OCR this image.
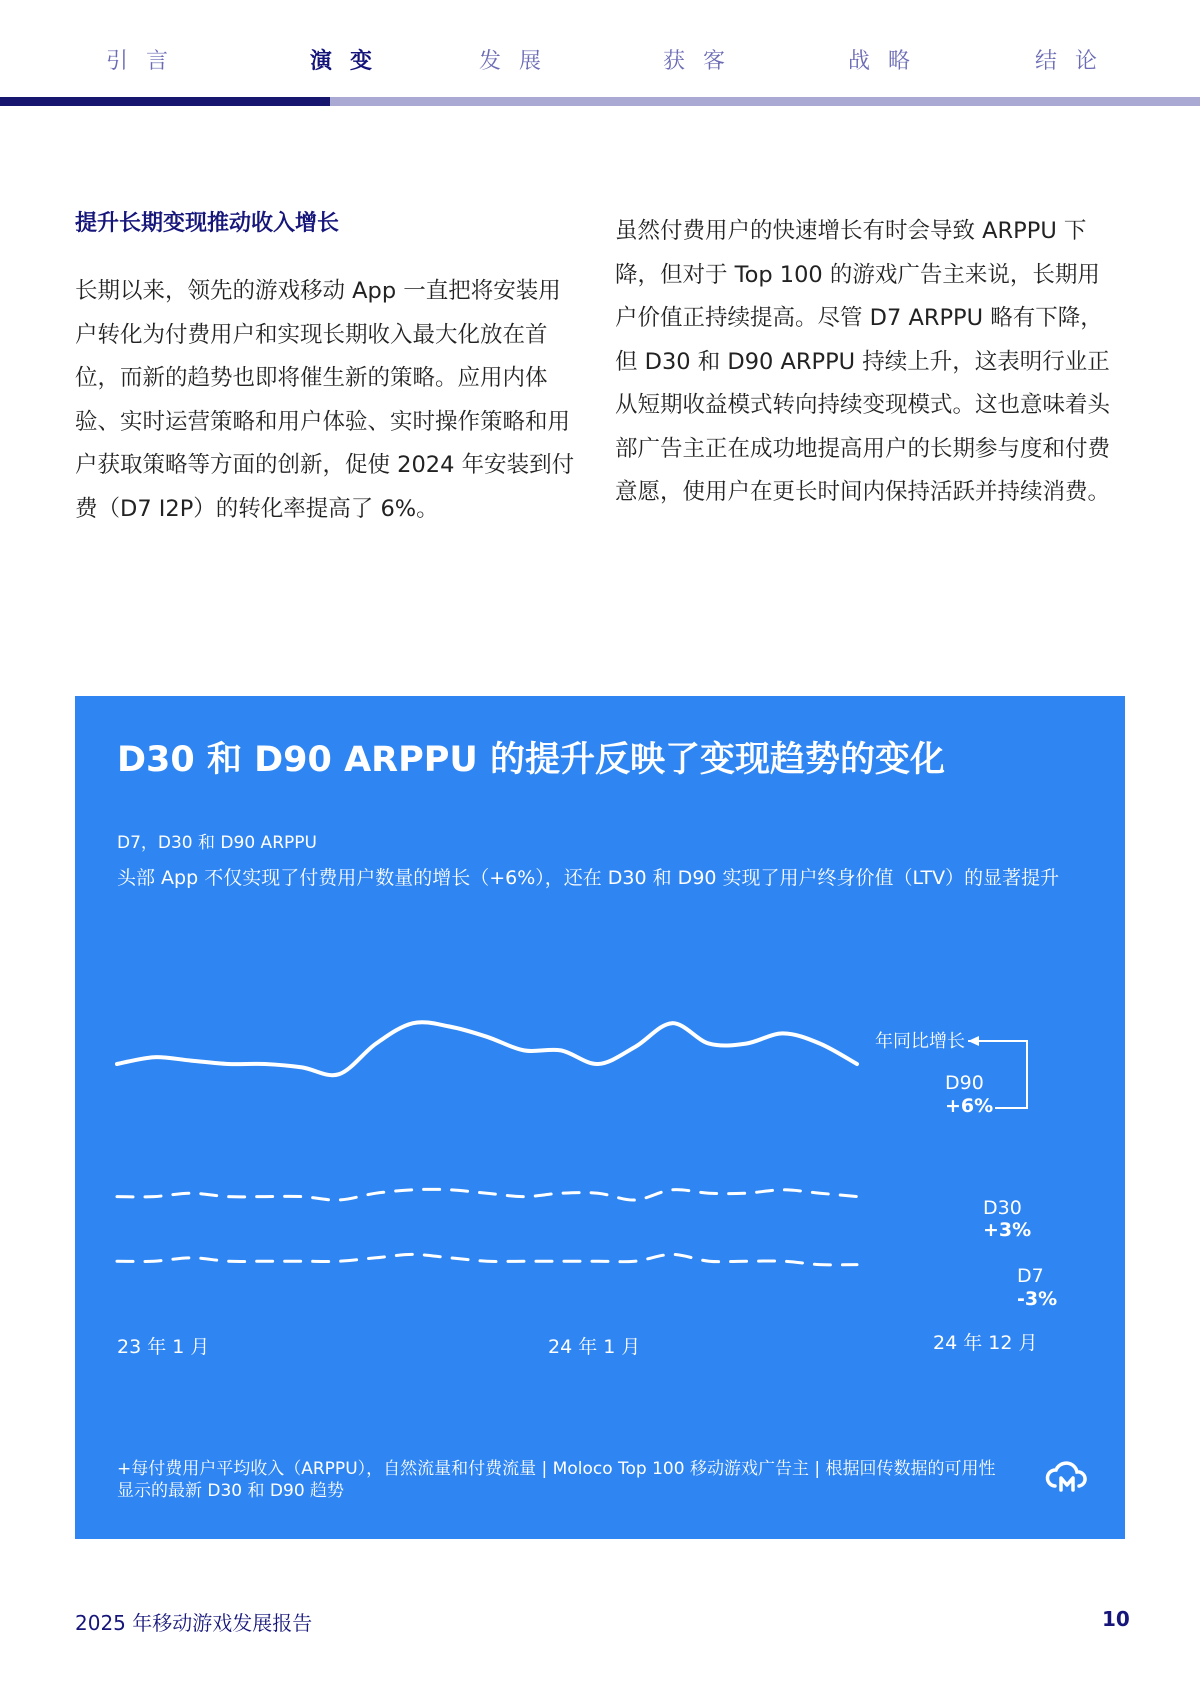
引言	演变	发展	获客	战略	结论
提升长期变现推动收入增长

长期以来，领先的游戏移动 App 一直把将安装用户转化为付费用户和实现长期收入最大化放在首位，而新的趋势也即将催生新的策略。应用内体验、实时运营策略和用户体验、实时操作策略和用户获取策略等方面的创新，促使 2024 年安装到付费（D7 I2P）的转化率提高了 6%。

虽然付费用户的快速增长有时会导致 ARPPU 下降，但对于 Top 100 的游戏广告主来说，长期用户价值正持续提高。尽管 D7 ARPPU 略有下降，但 D30 和 D90 ARPPU 持续上升，这表明行业正从短期收益模式转向持续变现模式。这也意味着头部广告主正在成功地提高用户的长期参与度和付费意愿，使用户在更长时间内保持活跃并持续消费。

D30 和 D90 ARPPU 的提升反映了变现趋势的变化
D7，D30 和 D90 ARPPU
头部 App 不仅实现了付费用户数量的增长（+6%），还在 D30 和 D90 实现了用户终身价值（LTV）的显著提升
年同比增长
D90
+6%
D30
+3%
D7
-3%
23 年 1 月	24 年 1 月	24 年 12 月
+每付费用户平均收入（ARPPU），自然流量和付费流量 | Moloco Top 100 移动游戏广告主 | 根据回传数据的可用性显示的最新 D30 和 D90 趋势
2025 年移动游戏发展报告	10
